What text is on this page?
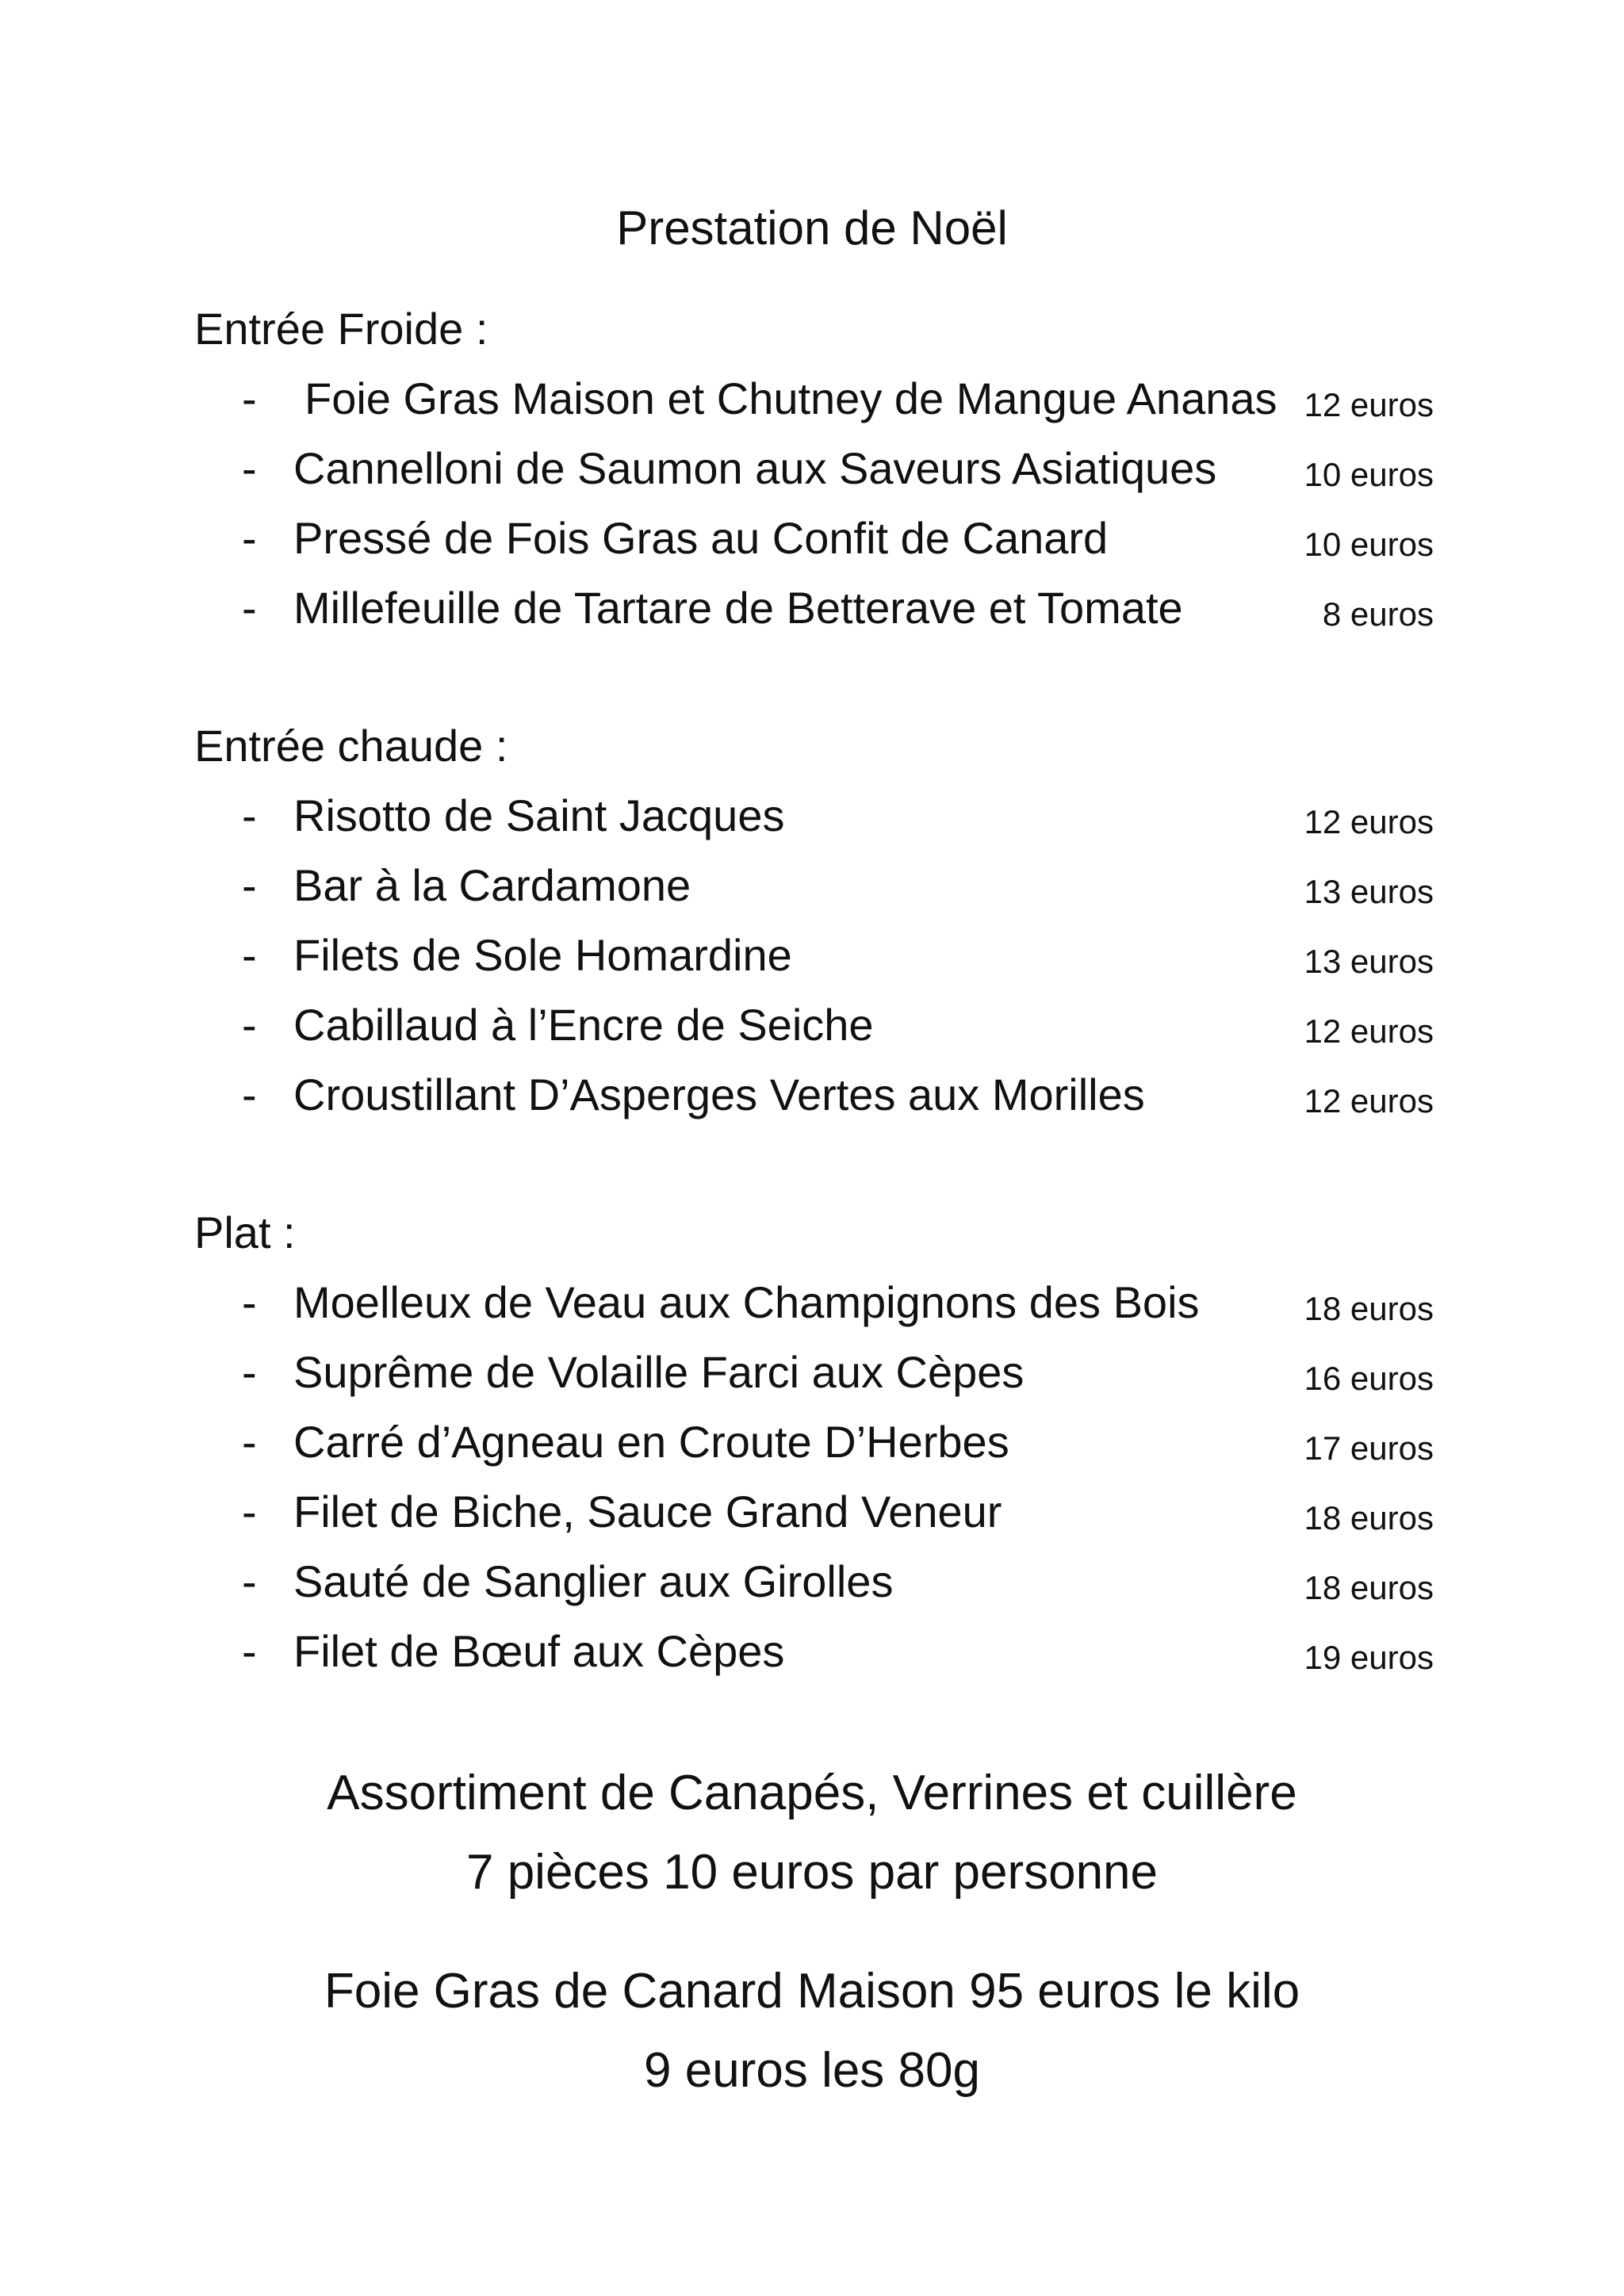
Prestation de Noël
Entrée Froide :
- Foie Gras Maison et Chutney de Mangue Ananas 12 euros
- Cannelloni de Saumon aux Saveurs Asiatiques	10 euros
- Pressé de Fois Gras au Confit de Canard	10 euros
- Millefeuille de Tartare de Betterave et Tomate	8 euros
Entrée chaude :
- Risotto de Saint Jacques	12 euros
- Bar à la Cardamone	13 euros
- Filets de Sole Homardine	13 euros
- Cabillaud à l’Encre de Seiche	12 euros
- Croustillant D’Asperges Vertes aux Morilles	12 euros
Plat :
- Moelleux de Veau aux Champignons des Bois	18 euros
- Suprême de Volaille Farci aux Cèpes	16 euros
- Carré d’Agneau en Croute D’Herbes	17 euros
- Filet de Biche, Sauce Grand Veneur	18 euros
- Sauté de Sanglier aux Girolles	18 euros
- Filet de Bœuf aux Cèpes	19 euros
Assortiment de Canapés, Verrines et cuillère
7 pièces 10 euros par personne
Foie Gras de Canard Maison 95 euros le kilo
9 euros les 80g
